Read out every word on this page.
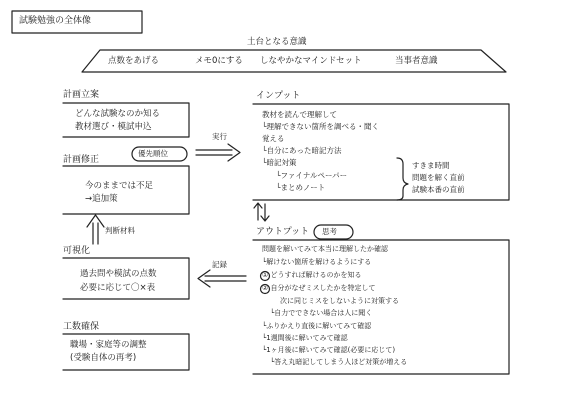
試験勉強の全体像
土台となる意識
点数をあげる	メモ0にする しなやかなマインドセット	当事者意識
計画立案
どんな試験なのか知る
教材選び・模試申込
計画修正
優先順位
今のままでは不足
→追加策
実行
判断材料
記録
可視化
過去問や模試の点数
必要に応じて〇×表
工数確保
職場・家庭等の調整
(受験自体の再考)
インプット
教材を読んで理解して
└理解できない箇所を調べる・聞く
覚える
└自分にあった暗記方法
└暗記対策
└ファイナルペーパー
└まとめノート
すきま時間
問題を解く直前
試験本番の直前
アウトプット 思考
問題を解いてみて本当に理解したか確認
└解けない箇所を解けるようにする
① どうすれば解けるのかを知る
② 自分がなぜミスしたかを特定して
次に同じミスをしないように対策する
└自力でできない場合は人に聞く
└ふりかえり直後に解いてみて確認
└1週間後に解いてみて確認
└1ヶ月後に解いてみて確認(必要に応じて)
└答え丸暗記してしまう人ほど対策が増える
